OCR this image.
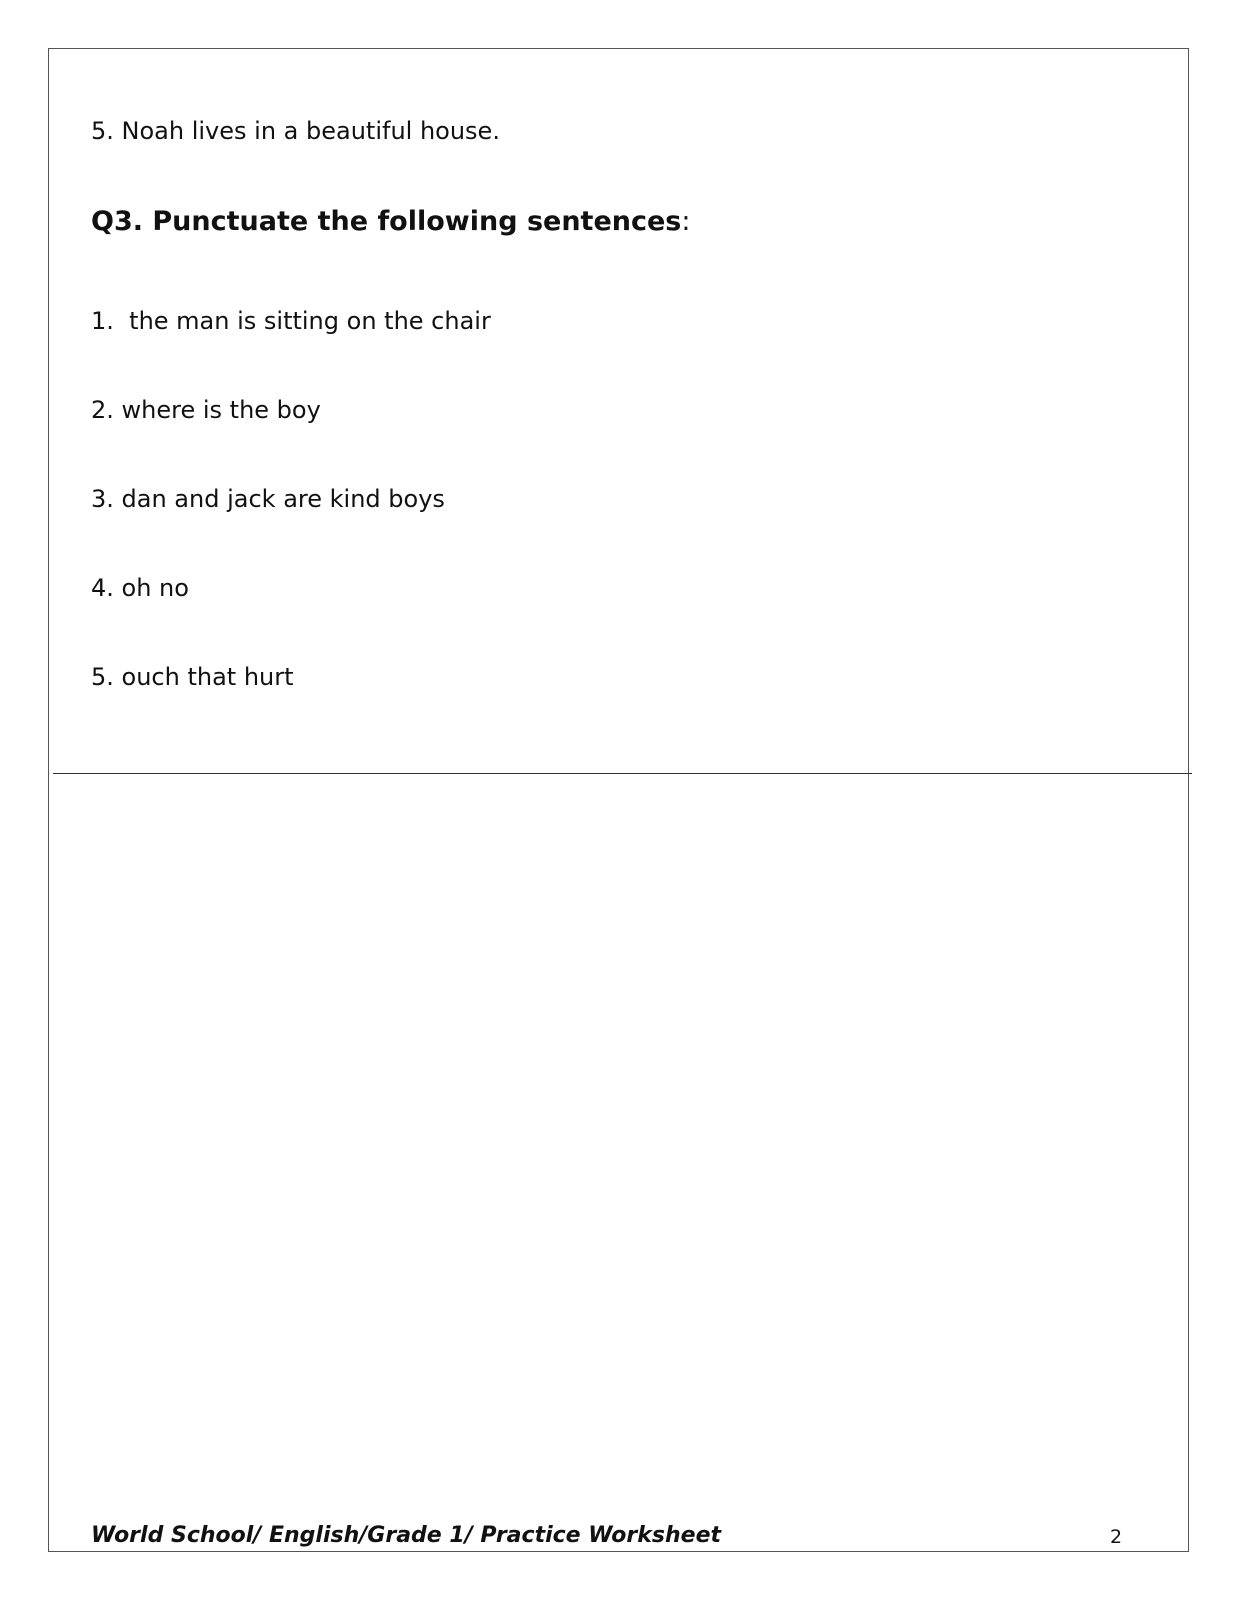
5. Noah lives in a beautiful house.
Q3. Punctuate the following sentences:
1.  the man is sitting on the chair
2. where is the boy
3. dan and jack are kind boys
4. oh no
5. ouch that hurt
World School/ English/Grade 1/ Practice Worksheet	2
